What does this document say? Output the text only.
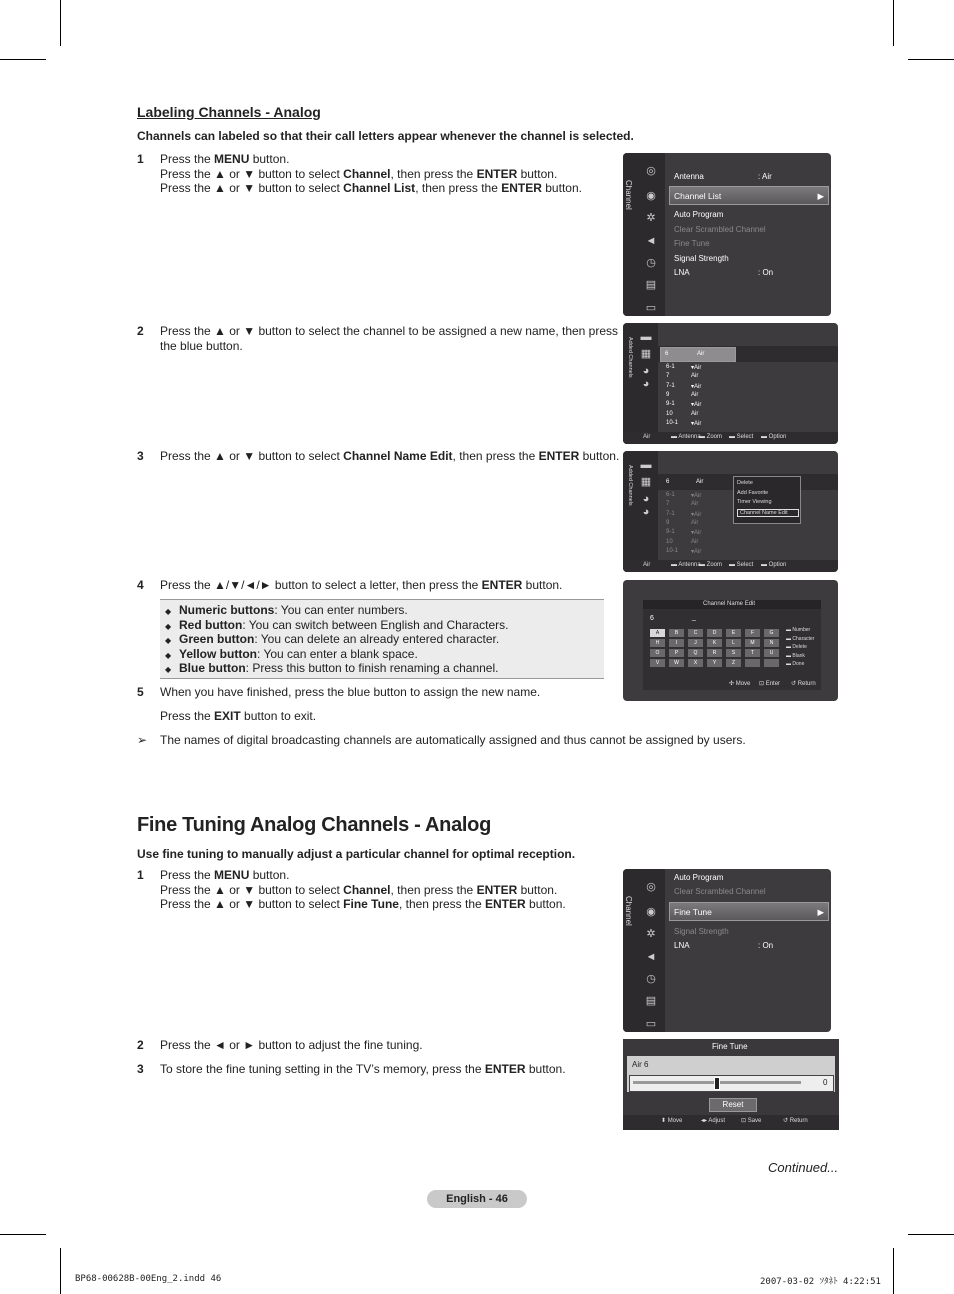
Labeling Channels - Analog
Channels can labeled so that their call letters appear whenever the channel is selected.
1 Press the MENU button.
Press the ▲ or ▼ button to select Channel, then press the ENTER button.
Press the ▲ or ▼ button to select Channel List, then press the ENTER button.
2 Press the ▲ or ▼ button to select the channel to be assigned a new name, then press
the blue button.
3 Press the ▲ or ▼ button to select Channel Name Edit, then press the ENTER button.
4 Press the ▲/▼/◄/► button to select a letter, then press the ENTER button.
5 When you have finished, press the blue button to assign the new name.

Press the EXIT button to exit.
◆ Numeric buttons: You can enter numbers.
◆ Red button: You can switch between English and Characters.
◆ Green button: You can delete an already entered character.
◆ Yellow button: You can enter a blank space.
◆ Blue button: Press this button to finish renaming a channel.
➢ The names of digital broadcasting channels are automatically assigned and thus cannot be assigned by users.
Fine Tuning Analog Channels - Analog
Use fine tuning to manually adjust a particular channel for optimal reception.
1 Press the MENU button.
Press the ▲ or ▼ button to select Channel, then press the ENTER button.
Press the ▲ or ▼ button to select Fine Tune, then press the ENTER button.
2 Press the ◄ or ► button to adjust the fine tuning.
3 To store the fine tuning setting in the TV’s memory, press the ENTER button.
Channel
◎
◉
✲
◄
◷
▤
▭
Antenna	: Air
Channel List	▶
Auto Program
Clear Scrambled Channel
Fine Tune
Signal Strength
LNA	: On
Added Channels ▬
▦
◕
◕
6	Air
6-1	▾Air
7	Air
7-1	▾Air
9	Air
9-1	▾Air
10	Air
10-1 ▾Air
Air	▬ Antenna
▬ Zoom ▬ Select ▬ Option
Added Channels ▬
▦
◕
◕
6	Air
6-1	▾Air
7	Air
7-1	▾Air
9	Air
9-1	▾Air
10	Air
10-1 ▾Air
Delete
Add Favorite
Timer Viewing
Channel Name Edit
Air	▬ Antenna
▬ Zoom ▬ Select ▬ Option
Channel Name Edit
6	_
A	B	C	D	E	F	G
H	I	J	K	L	M	N
O	P	Q	R	S	T	U
V	W	X	Y	Z
▬ Number
▬ Character
▬ Delete
▬ Blank
▬ Done
✣ Move ⊡ Enter ↺ Return
Channel
◎
◉
✲
◄
◷
▤
▭
Auto Program
Clear Scrambled Channel
Fine Tune	▶
Signal Strength
LNA	: On
Fine Tune
Air 6
0
Reset
⬍ Move	◂▸ Adjust	⊡ Save	↺ Return
Continued...
English - 46
BP68-00628B-00Eng_2.indd 46	2007-03-02 ｿﾀﾈﾄ 4:22:51
